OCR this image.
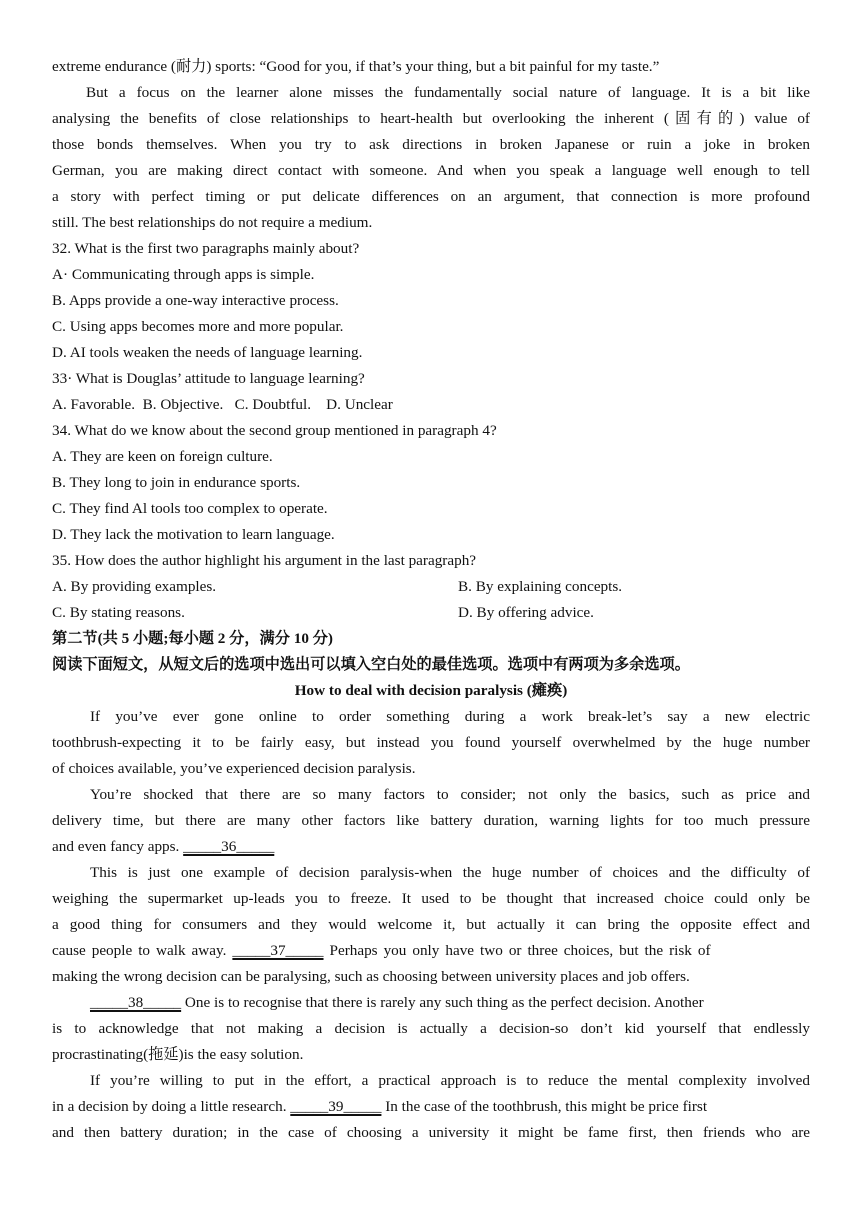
extreme endurance (耐力) sports: “Good for you, if that’s your thing, but a bit painful for my taste.”
But a focus on the learner alone misses the fundamentally social nature of language. It is a bit like
analysing the benefits of close relationships to heart-health but overlooking the inherent (固有的) value of
those bonds themselves. When you try to ask directions in broken Japanese or ruin a joke in broken
German, you are making direct contact with someone. And when you speak a language well enough to tell
a story with perfect timing or put delicate differences on an argument, that connection is more profound
still. The best relationships do not require a medium.
32. What is the first two paragraphs mainly about?
A· Communicating through apps is simple.
B. Apps provide a one-way interactive process.
C. Using apps becomes more and more popular.
D. AI tools weaken the needs of language learning.
33· What is Douglas’ attitude to language learning?
A. Favorable.  B. Objective.   C. Doubtful.    D. Unclear
34. What do we know about the second group mentioned in paragraph 4?
A. They are keen on foreign culture.
B. They long to join in endurance sports.
C. They find Al tools too complex to operate.
D. They lack the motivation to learn language.
35. How does the author highlight his argument in the last paragraph?
A. By providing examples.	B. By explaining concepts.
C. By stating reasons.	D. By offering advice.
第二节(共 5 小题;每小题 2 分，满分 10 分)
阅读下面短文，从短文后的选项中选出可以填入空白处的最佳选项。选项中有两项为多余选项。
How to deal with decision paralysis (瘫痪)
If you’ve ever gone online to order something during a work break-let’s say a new electric
toothbrush-expecting it to be fairly easy, but instead you found yourself overwhelmed by the huge number
of choices available, you’ve experienced decision paralysis.
You’re shocked that there are so many factors to consider; not only the basics, such as price and
delivery time, but there are many other factors like battery duration, warning lights for too much pressure
and even fancy apps. _____36_____
This is just one example of decision paralysis-when the huge number of choices and the difficulty of
weighing the supermarket up-leads you to freeze. It used to be thought that increased choice could only be
a good thing for consumers and they would welcome it, but actually it can bring the opposite effect and
cause people to walk away. _____37_____ Perhaps you only have two or three choices, but the risk of
making the wrong decision can be paralysing, such as choosing between university places and job offers.
_____38_____ One is to recognise that there is rarely any such thing as the perfect decision. Another
is to acknowledge that not making a decision is actually a decision-so don’t kid yourself that endlessly
procrastinating(拖延)is the easy solution.
If you’re willing to put in the effort, a practical approach is to reduce the mental complexity involved
in a decision by doing a little research. _____39_____ In the case of the toothbrush, this might be price first
and then battery duration; in the case of choosing a university it might be fame first, then friends who are
